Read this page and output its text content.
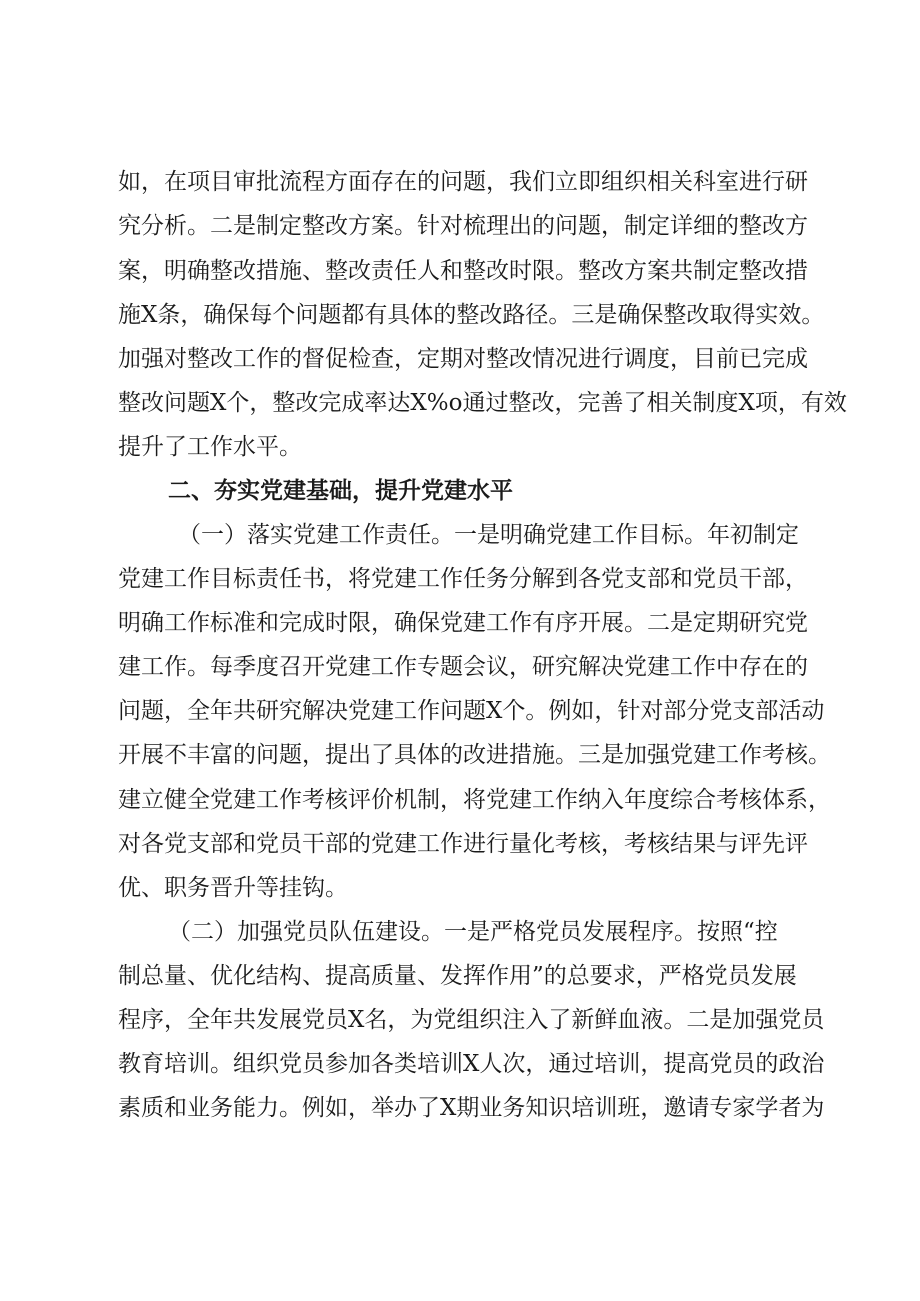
如，在项目审批流程方面存在的问题，我们立即组织相关科室进行研
究分析。二是制定整改方案。针对梳理出的问题，制定详细的整改方
案，明确整改措施、整改责任人和整改时限。整改方案共制定整改措
施X条，确保每个问题都有具体的整改路径。三是确保整改取得实效。
加强对整改工作的督促检查，定期对整改情况进行调度，目前已完成
整改问题X个，整改完成率达X%o通过整改，完善了相关制度X项，有效
提升了工作水平。
二、夯实党建基础，提升党建水平
（一）落实党建工作责任。一是明确党建工作目标。年初制定
党建工作目标责任书，将党建工作任务分解到各党支部和党员干部，
明确工作标准和完成时限，确保党建工作有序开展。二是定期研究党
建工作。每季度召开党建工作专题会议，研究解决党建工作中存在的
问题，全年共研究解决党建工作问题X个。例如，针对部分党支部活动
开展不丰富的问题，提出了具体的改进措施。三是加强党建工作考核。
建立健全党建工作考核评价机制，将党建工作纳入年度综合考核体系，
对各党支部和党员干部的党建工作进行量化考核，考核结果与评先评
优、职务晋升等挂钩。
（二）加强党员队伍建设。一是严格党员发展程序。按照“控
制总量、优化结构、提高质量、发挥作用”的总要求，严格党员发展
程序，全年共发展党员X名，为党组织注入了新鲜血液。二是加强党员
教育培训。组织党员参加各类培训X人次，通过培训，提高党员的政治
素质和业务能力。例如，举办了X期业务知识培训班，邀请专家学者为
